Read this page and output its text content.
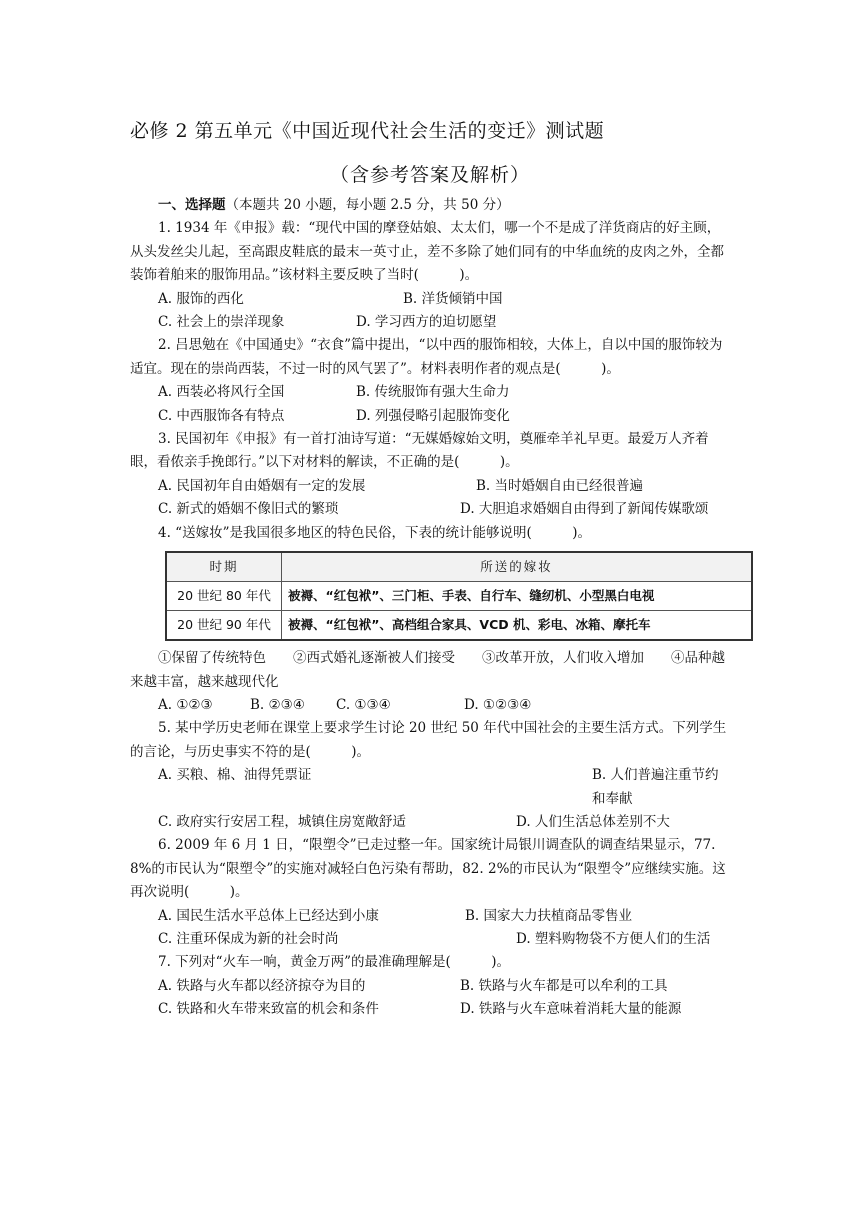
必修 2 第五单元《中国近现代社会生活的变迁》测试题
（含参考答案及解析）

一、选择题（本题共 20 小题，每小题 2.5 分，共 50 分）

1. 1934 年《申报》载：“现代中国的摩登姑娘、太太们，哪一个不是成了洋货商店的好主顾，从头发丝尖儿起，至高跟皮鞋底的最末一英寸止，差不多除了她们同有的中华血统的皮肉之外，全都装饰着舶来的服饰用品。”该材料主要反映了当时(　　　)。

A. 服饰的西化	B. 洋货倾销中国
C. 社会上的崇洋现象	D. 学习西方的迫切愿望

2. 吕思勉在《中国通史》“衣食”篇中提出，“以中西的服饰相较，大体上，自以中国的服饰较为适宜。现在的崇尚西装，不过一时的风气罢了”。材料表明作者的观点是(　　　)。

A. 西装必将风行全国	B. 传统服饰有强大生命力
C. 中西服饰各有特点	D. 列强侵略引起服饰变化

3. 民国初年《申报》有一首打油诗写道：“无媒婚嫁始文明，奠雁牵羊礼早更。最爱万人齐着眼，看侬亲手挽郎行。”以下对材料的解读，不正确的是(　　　)。

A. 民国初年自由婚姻有一定的发展	B. 当时婚姻自由已经很普遍
C. 新式的婚姻不像旧式的繁琐	D. 大胆追求婚姻自由得到了新闻传媒歌颂

4. “送嫁妆”是我国很多地区的特色民俗，下表的统计能够说明(　　　)。

时期	所送的嫁妆
20 世纪 80 年代	被褥、“红包袱”、三门柜、手表、自行车、缝纫机、小型黑白电视
20 世纪 90 年代	被褥、“红包袱”、高档组合家具、VCD 机、彩电、冰箱、摩托车

①保留了传统特色　　②西式婚礼逐渐被人们接受　　③改革开放，人们收入增加　　④品种越来越丰富，越来越现代化

A. ①②③	B. ②③④	C. ①③④	D. ①②③④

5. 某中学历史老师在课堂上要求学生讨论 20 世纪 50 年代中国社会的主要生活方式。下列学生的言论，与历史事实不符的是(　　　)。

A. 买粮、棉、油得凭票证	B. 人们普遍注重节约和奉献
C. 政府实行安居工程，城镇住房宽敞舒适	D. 人们生活总体差别不大

6. 2009 年 6 月 1 日，“限塑令”已走过整一年。国家统计局银川调查队的调查结果显示，77. 8%的市民认为“限塑令”的实施对减轻白色污染有帮助，82. 2%的市民认为“限塑令”应继续实施。这再次说明(　　　)。

A. 国民生活水平总体上已经达到小康	B. 国家大力扶植商品零售业
C. 注重环保成为新的社会时尚	D. 塑料购物袋不方便人们的生活

7. 下列对“火车一响，黄金万两”的最准确理解是(　　　)。

A. 铁路与火车都以经济掠夺为目的	B. 铁路与火车都是可以牟利的工具
C. 铁路和火车带来致富的机会和条件	D. 铁路与火车意味着消耗大量的能源
